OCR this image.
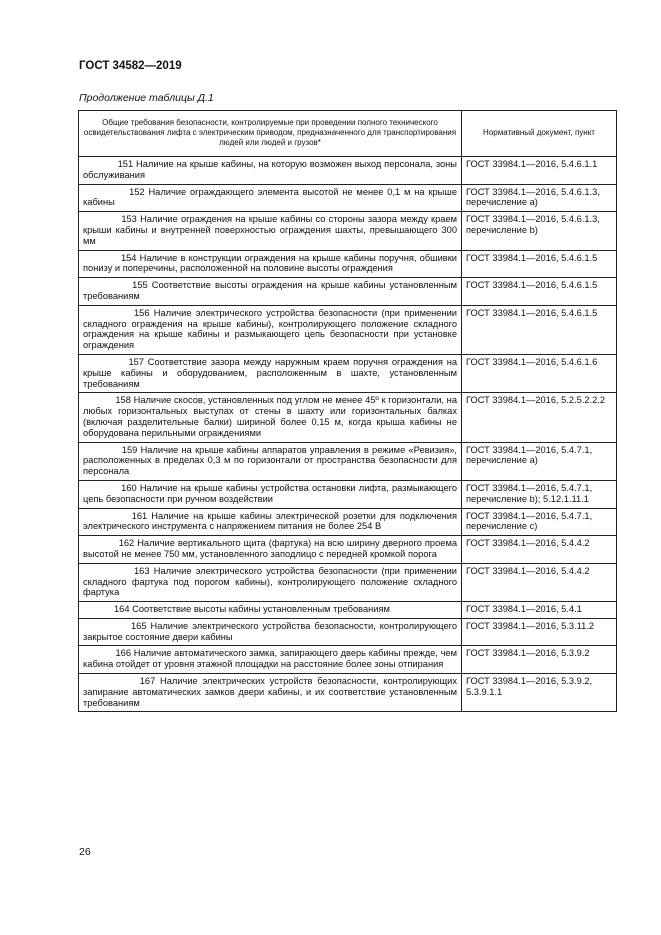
ГОСТ 34582—2019

Продолжение таблицы Д.1

Общие требования безопасности, контролируемые при проведении полного технического освидетельствования лифта с электрическим приводом, предназначенного для транспортирования людей или людей и грузов*	Нормативный документ, пункт
151 Наличие на крыше кабины, на которую возможен выход персонала, зоны обслуживания	ГОСТ 33984.1—2016, 5.4.6.1.1
152 Наличие ограждающего элемента высотой не менее 0,1 м на крыше кабины	ГОСТ 33984.1—2016, 5.4.6.1.3, перечисление а)
153 Наличие ограждения на крыше кабины со стороны зазора между краем крыши кабины и внутренней поверхностью ограждения шахты, превышающего 300 мм	ГОСТ 33984.1—2016, 5.4.6.1.3, перечисление b)
154 Наличие в конструкции ограждения на крыше кабины поручня, обшивки понизу и поперечины, расположенной на половине высоты ограждения	ГОСТ 33984.1—2016, 5.4.6.1.5
155 Соответствие высоты ограждения на крыше кабины установленным требованиям	ГОСТ 33984.1—2016, 5.4.6.1.5
156 Наличие электрического устройства безопасности (при применении складного ограждения на крыше кабины), контролирующего положение складного ограждения на крыше кабины и размыкающего цепь безопасности при установке ограждения	ГОСТ 33984.1—2016, 5.4.6.1.5
157 Соответствие зазора между наружным краем поручня ограждения на крыше кабины и оборудованием, расположенным в шахте, установленным требованиям	ГОСТ 33984.1—2016, 5.4.6.1.6
158 Наличие скосов, установленных под углом не менее 45º к горизонтали, на любых горизонтальных выступах от стены в шахту или горизонтальных балках (включая разделительные балки) шириной более 0,15 м, когда крыша кабины не оборудована перильными ограждениями	ГОСТ 33984.1—2016, 5.2.5.2.2.2
159 Наличие на крыше кабины аппаратов управления в режиме «Ревизия», расположенных в пределах 0,3 м по горизонтали от пространства безопасности для персонала	ГОСТ 33984.1—2016, 5.4.7.1, перечисление а)
160 Наличие на крыше кабины устройства остановки лифта, размыкающего цепь безопасности при ручном воздействии	ГОСТ 33984.1—2016, 5.4.7.1, перечисление b); 5.12.1.11.1
161 Наличие на крыше кабины электрической розетки для подключения электрического инструмента с напряжением питания не более 254 В	ГОСТ 33984.1—2016, 5.4.7.1, перечисление с)
162 Наличие вертикального щита (фартука) на всю ширину дверного проема высотой не менее 750 мм, установленного заподлицо с передней кромкой порога	ГОСТ 33984.1—2016, 5.4.4.2
163 Наличие электрического устройства безопасности (при применении складного фартука под порогом кабины), контролирующего положение складного фартука	ГОСТ 33984.1—2016, 5.4.4.2
164 Соответствие высоты кабины установленным требованиям	ГОСТ 33984.1—2016, 5.4.1
165 Наличие электрического устройства безопасности, контролирующего закрытое состояние двери кабины	ГОСТ 33984.1—2016, 5.3.11.2
166 Наличие автоматического замка, запирающего дверь кабины прежде, чем кабина отойдет от уровня этажной площадки на расстояние более зоны отпирания	ГОСТ 33984.1—2016, 5.3.9.2
167 Наличие электрических устройств безопасности, контролирующих запирание автоматических замков двери кабины, и их соответствие установленным требованиям	ГОСТ 33984.1—2016, 5.3.9.2, 5.3.9.1.1

26
